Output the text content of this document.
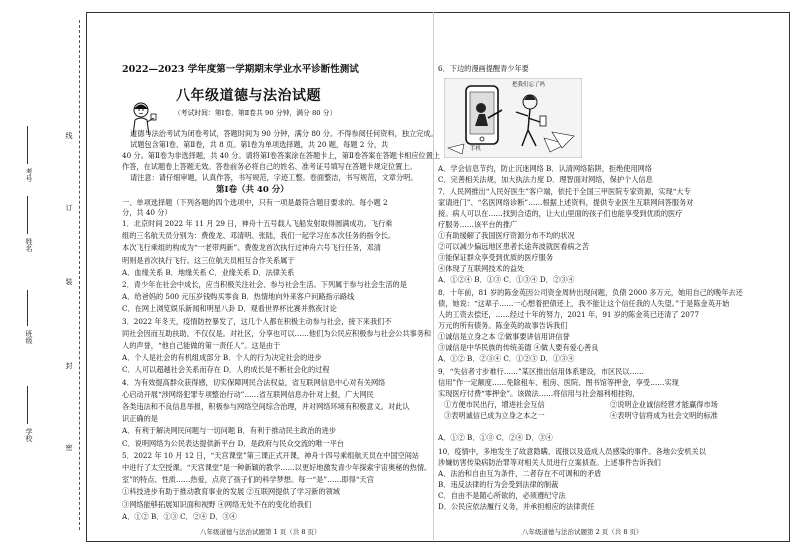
学校
班级
姓名
考号
密
封
装
订
线
2022—2023 学年度第一学期期末学业水平诊断性测试
八年级道德与法治试题
（考试时间：第Ⅰ卷、第Ⅱ卷共 90 分钟，满分 80 分）
道德与法治考试为闭卷考试，答题时间为 90 分钟，满分 80 分。不得参阅任何资料，独立完成。
试题包含第Ⅰ卷、第Ⅱ卷，共 8 页。第Ⅰ卷为单项选择题，共 20 题，每题 2 分，共
40 分。第Ⅱ卷为非选择题，共 40 分。请将第Ⅰ卷答案涂在答题卡上，第Ⅱ卷答案在答题卡相应位置上
作答，在试题卷上答题无效。答卷前务必将自己的姓名、准考证号填写在答题卡规定位置上。
请注意：请仔细审题，认真作答，书写规范，字迹工整。卷面整洁，书写规范，文章分明。
第Ⅰ卷（共 40 分）
一、单项选择题（下列各题的四个选项中，只有一项是最符合题目要求的。每小题 2
分，共 40 分）
1．北京时间 2022 年 11 月 29 日，神舟十五号载人飞船发射取得圆满成功。飞行乘
组的三名航天员分别为：费俊龙、邓清明、张陆，我们一起学习在本次任务的指令长。
本次飞行乘组的构成为“一老带两新”。费俊龙首次执行过神舟六号飞行任务，邓清
明则是首次执行飞行。这三位航天员相互合作关系属于
A．血缘关系 B．地缘关系 C．业缘关系 D．法律关系
2．青少年在社会中成长，应当积极关注社会、参与社会生活。下列属于参与社会生活的是
A．给爸妈的 500 元压岁钱购买零食 B．热情地向外来客户问路指示路线
C．在网上浏览娱乐新闻和明星八卦 D．观看世界杯比赛并熬夜讨论
3．2022 年冬天，疫情防控暴发了，这几个人都在积极主动参与社会，接下来我们不
同社会因而互助扶助，不仅仅是。对社区，分享也可以……他们为公民应积极参与社会公共事务和
人的声誉，“他自己能做的第一责任人”。这是由于
A．个人是社会的有机组成部分 B．个人的行为决定社会的进步
C．人可以超越社会关系而存在 D．人的成长是不断社会化的过程
4．为有效提高群众获得感，切实保障网民合法权益，省互联网信息中心对有关网络
心启动开展“涉网络犯罪专项整治行动”……省互联网信息办针对上报，广大网民
各类违法和不良信息举报，积极参与网络空间综合治理，并对网络环境有积极意义。对此认
识正确的是
A．有利于解决网民问题与一切问题 B．有利于推动民主政治的进步
C．说明网络为公民表达提供新平台 D．是政府与民众交流的唯一平台
5．2022 年 10 月 12 日，“天宫课堂”第三课正式开课，神舟十四号乘组航天员在中国空间站
中进行了太空授课。“天宫课堂”是一种新颖的教学……以更好地激发青少年探索宇宙奥秘的热情。
室”的特点、性质……热爱，点亮了孩子们的科学梦想。每一“是”……即得“天宫
①科技进步有助于推动教育事业的发展 ②互联网提供了学习新的领域
③网络能够拓展知识面和视野 ④网络无处不在的变化给我们
A．①② B．①③ C．②④ D．③④
八年级道德与法治试题第 1 页（共 8 页）
6．下边的漫画提醒青少年要
手机
把我们忘了吗
A．学会信息节约，防止沉迷网络 B．认清网络陷阱，拒绝使用网络
C．完善相关法规，加大执法力度 D．理智面对网络，保护个人信息
7．人民网推出“人民好医生”客户端，依托于全国三甲医院专家资源，实现“大专
家请进门”、“名医网络诊断”……根据上述资料，提供专业医生互联网问答服务对
接。病人可以在……找到合适的，让大山里面的孩子们也能享受到优质的医疗
疗服务……该平台的推广
①有助缓解了我国医疗资源分布不均的状况
②可以减少偏远地区患者长途奔波就医看病之苦
③能保证群众享受到优质的医疗服务
④体现了互联网技术的益处
A．①②④ B．①③ C．①③④ D．②③④
8．十年前，81 岁的陈金英因公司资金周转出现问题，负债 2000 多万元，她用自己的晚年去还
债，她说：“这辈子……一心想着把债还上，我不能让这个信任我的人失望。”于是陈金英开始
人的工资去偿还，……经过十年的努力，2021 年，91 岁的陈金英已还清了 2077
万元的所有债务。陈金英的故事告诉我们
①诚信是立身之本 ②做事要讲信用讲信誉
③诚信是中华民族的传统美德 ④做人要有爱心善良
A．①② B．②③④ C．①②③ D．①③④
9．“失信者寸步难行……”某区推出信用体系建设，市区民以……
信用”作一定额度……免除租车、租房、医院、图书馆等押金，享受……实现
实现医疗付费“零押金”。该做法……将信用与社会福利相挂钩，
A．①② B．①③ C．②④ D．③④
10．疫情中，多地发生了故意隐瞒、谎报以及造成人员感染的事件。各地公安机关以
涉嫌妨害传染病防治罪等对相关人员进行立案侦查。上述事件告诉我们
A．法治和自由互为条件，二者存在不可调和的矛盾
B．违反法律的行为会受到法律的制裁
C．自由不是随心所欲的，必须遵纪守法
D．公民应依法履行义务，并承担相应的法律责任
①方便市民出行，增进社会互信	②说明企业诚信经营才能赢得市场
③表明诚信已成为立身之本之一	④表明守信将成为社会文明的标准
八年级道德与法治试题第 2 页（共 8 页）
